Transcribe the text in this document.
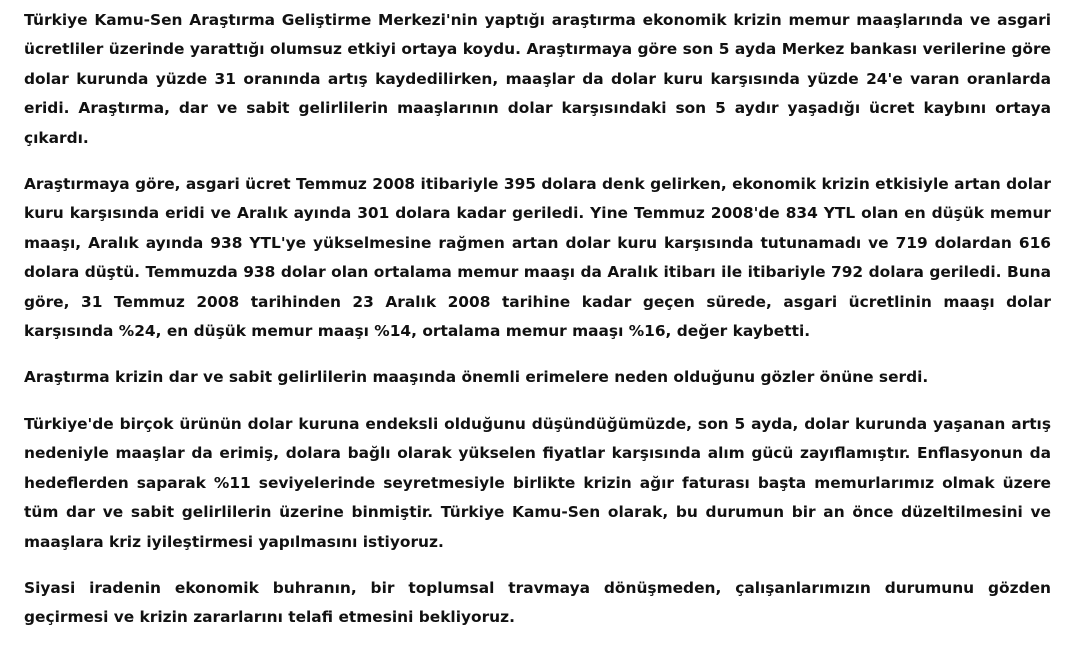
Türkiye Kamu-Sen Araştırma Geliştirme Merkezi'nin yaptığı araştırma ekonomik krizin memur maaşlarında ve asgari ücretliler üzerinde yarattığı olumsuz etkiyi ortaya koydu. Araştırmaya göre son 5 ayda Merkez bankası verilerine göre dolar kurunda yüzde 31 oranında artış kaydedilirken, maaşlar da dolar kuru karşısında yüzde 24'e varan oranlarda eridi. Araştırma, dar ve sabit gelirlilerin maaşlarının dolar karşısındaki son 5 aydır yaşadığı ücret kaybını ortaya çıkardı.

Araştırmaya göre, asgari ücret Temmuz 2008 itibariyle 395 dolara denk gelirken, ekonomik krizin etkisiyle artan dolar kuru karşısında eridi ve Aralık ayında 301 dolara kadar geriledi. Yine Temmuz 2008'de 834 YTL olan en düşük memur maaşı, Aralık ayında 938 YTL'ye yükselmesine rağmen artan dolar kuru karşısında tutunamadı ve 719 dolardan 616 dolara düştü. Temmuzda 938 dolar olan ortalama memur maaşı da Aralık itibarı ile itibariyle 792 dolara geriledi. Buna göre, 31 Temmuz 2008 tarihinden 23 Aralık 2008 tarihine kadar geçen sürede, asgari ücretlinin maaşı dolar karşısında %24, en düşük memur maaşı %14, ortalama memur maaşı %16, değer kaybetti.

Araştırma krizin dar ve sabit gelirlilerin maaşında önemli erimelere neden olduğunu gözler önüne serdi.

Türkiye'de birçok ürünün dolar kuruna endeksli olduğunu düşündüğümüzde, son 5 ayda, dolar kurunda yaşanan artış nedeniyle maaşlar da erimiş, dolara bağlı olarak yükselen fiyatlar karşısında alım gücü zayıflamıştır. Enflasyonun da hedeflerden saparak %11 seviyelerinde seyretmesiyle birlikte krizin ağır faturası başta memurlarımız olmak üzere tüm dar ve sabit gelirlilerin üzerine binmiştir. Türkiye Kamu-Sen olarak, bu durumun bir an önce düzeltilmesini ve maaşlara kriz iyileştirmesi yapılmasını istiyoruz.

Siyasi iradenin ekonomik buhranın, bir toplumsal travmaya dönüşmeden, çalışanlarımızın durumunu gözden geçirmesi ve krizin zararlarını telafi etmesini bekliyoruz.
